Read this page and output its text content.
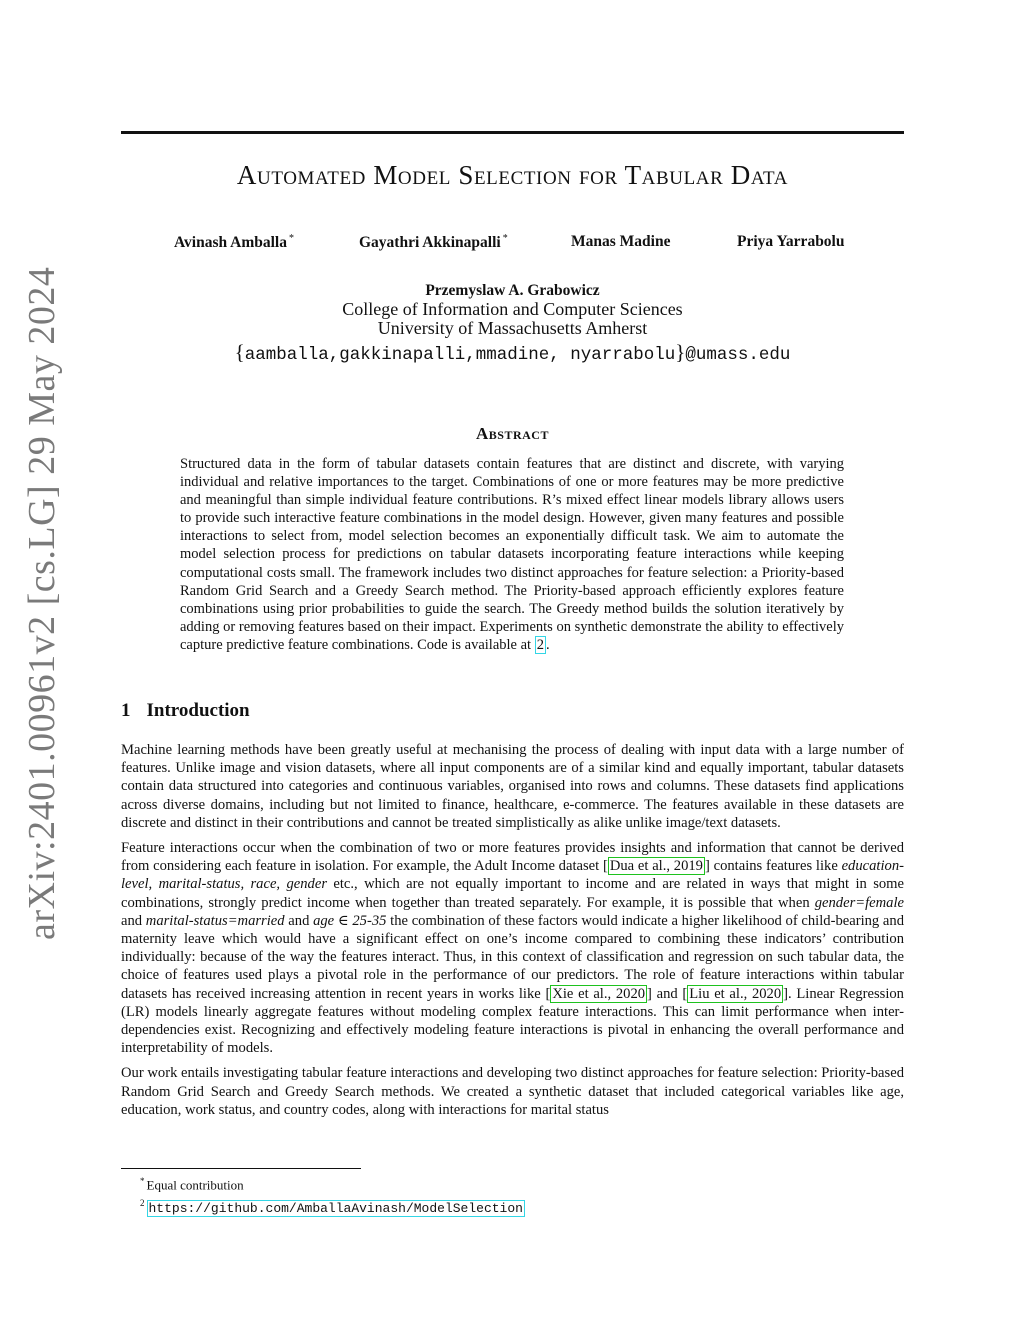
arXiv:2401.00961v2 [cs.LG] 29 May 2024
Automated Model Selection for Tabular Data
Avinash Amballa *	Gayathri Akkinapalli *	Manas Madine	Priya Yarrabolu
Przemyslaw A. Grabowicz
College of Information and Computer Sciences
University of Massachusetts Amherst
{aamballa,gakkinapalli,mmadine, nyarrabolu}@umass.edu
Abstract

Structured data in the form of tabular datasets contain features that are distinct and discrete, with varying individual and relative importances to the target. Combinations of one or more features may be more predictive and meaningful than simple individual feature contributions. R’s mixed effect linear models library allows users to provide such interactive feature combinations in the model design. However, given many features and possible interactions to select from, model selection becomes an exponentially difficult task. We aim to automate the model selection process for predictions on tabular datasets incorporating feature interactions while keeping computational costs small. The framework includes two distinct approaches for feature selection: a Priority-based Random Grid Search and a Greedy Search method. The Priority-based approach efficiently explores feature combinations using prior probabilities to guide the search. The Greedy method builds the solution iteratively by adding or removing features based on their impact. Experiments on synthetic demonstrate the ability to effectively capture predictive feature combinations. Code is available at 2 .

1 Introduction

Machine learning methods have been greatly useful at mechanising the process of dealing with input data with a large number of features. Unlike image and vision datasets, where all input components are of a similar kind and equally important, tabular datasets contain data structured into categories and continuous variables, organised into rows and columns. These datasets find applications across diverse domains, including but not limited to finance, healthcare, e-commerce. The features available in these datasets are discrete and distinct in their contributions and cannot be treated simplistically as alike unlike image/text datasets.

Feature interactions occur when the combination of two or more features provides insights and information that cannot be derived from considering each feature in isolation. For example, the Adult Income dataset [ Dua et al., 2019 ] contains features like education-level, marital-status, race, gender etc., which are not equally important to income and are related in ways that might in some combinations, strongly predict income when together than treated separately. For example, it is possible that when gender=female and marital-status=married and age ∈ 25-35 the combination of these factors would indicate a higher likelihood of child-bearing and maternity leave which would have a significant effect on one’s income compared to combining these indicators’ contribution individually: because of the way the features interact. Thus, in this context of classification and regression on such tabular data, the choice of features used plays a pivotal role in the performance of our predictors. The role of feature interactions within tabular datasets has received increasing attention in recent years in works like [ Xie et al., 2020 ] and [ Liu et al., 2020 ]. Linear Regression (LR) models linearly aggregate features without modeling complex feature interactions. This can limit performance when inter-dependencies exist. Recognizing and effectively modeling feature interactions is pivotal in enhancing the overall performance and interpretability of models.

Our work entails investigating tabular feature interactions and developing two distinct approaches for feature selection: Priority-based Random Grid Search and Greedy Search methods. We created a synthetic dataset that included categorical variables like age, education, work status, and country codes, along with interactions for marital status

* Equal contribution
$^2$ https://github.com/AmballaAvinash/ModelSelection
